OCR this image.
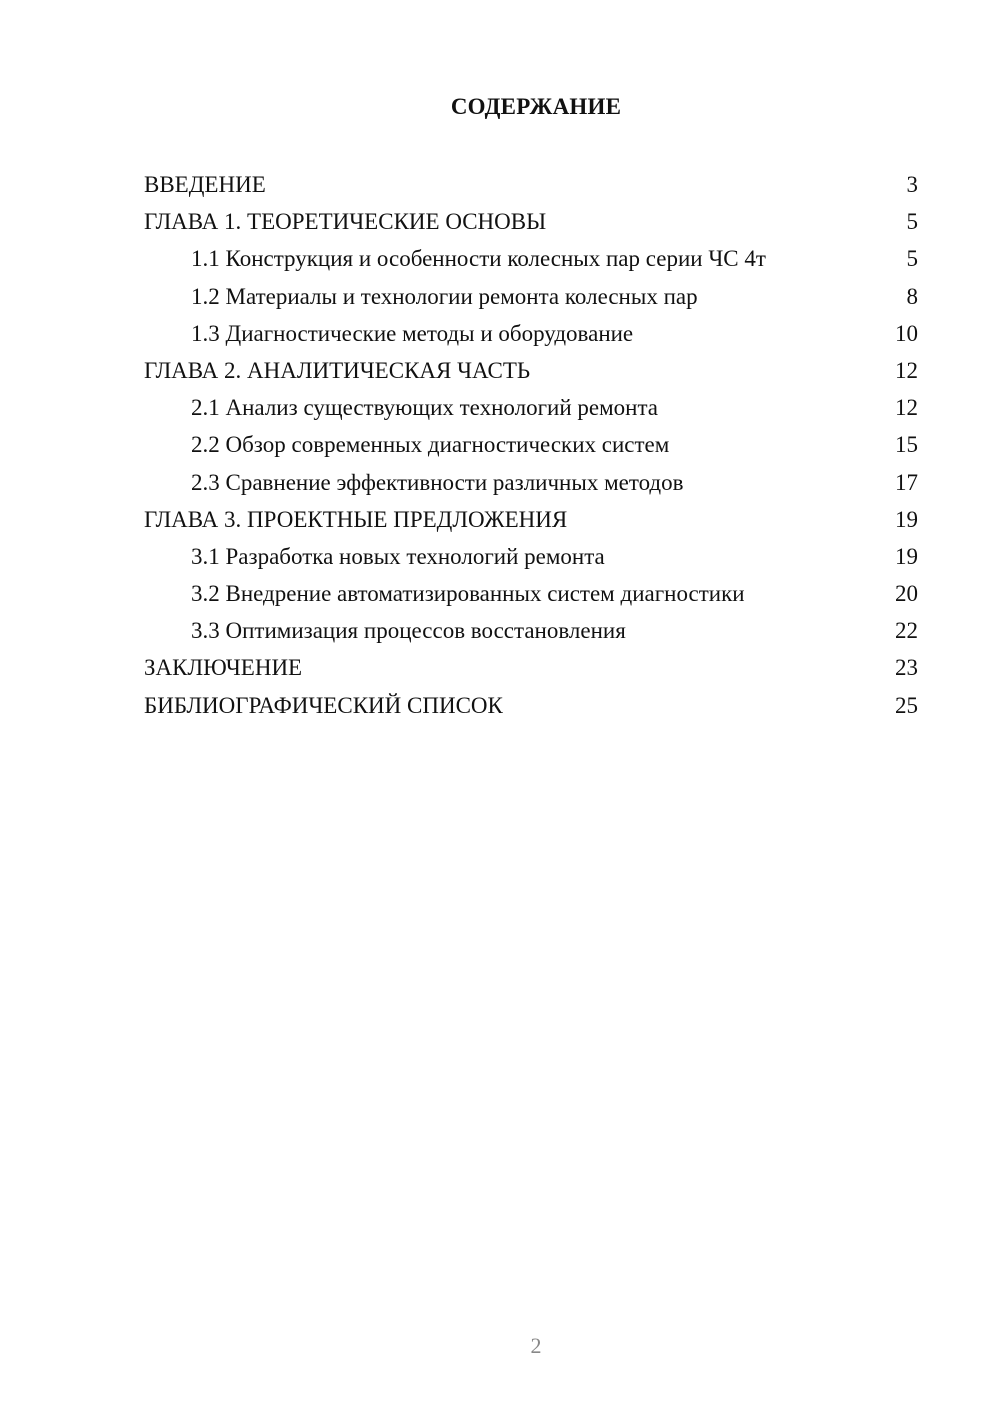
СОДЕРЖАНИЕ
ВВЕДЕНИЕ	3
ГЛАВА 1. ТЕОРЕТИЧЕСКИЕ ОСНОВЫ	5
1.1 Конструкция и особенности колесных пар серии ЧС 4т	5
1.2 Материалы и технологии ремонта колесных пар	8
1.3 Диагностические методы и оборудование	10
ГЛАВА 2. АНАЛИТИЧЕСКАЯ ЧАСТЬ	12
2.1 Анализ существующих технологий ремонта	12
2.2 Обзор современных диагностических систем	15
2.3 Сравнение эффективности различных методов	17
ГЛАВА 3. ПРОЕКТНЫЕ ПРЕДЛОЖЕНИЯ	19
3.1 Разработка новых технологий ремонта	19
3.2 Внедрение автоматизированных систем диагностики	20
3.3 Оптимизация процессов восстановления	22
ЗАКЛЮЧЕНИЕ	23
БИБЛИОГРАФИЧЕСКИЙ СПИСОК	25
2
